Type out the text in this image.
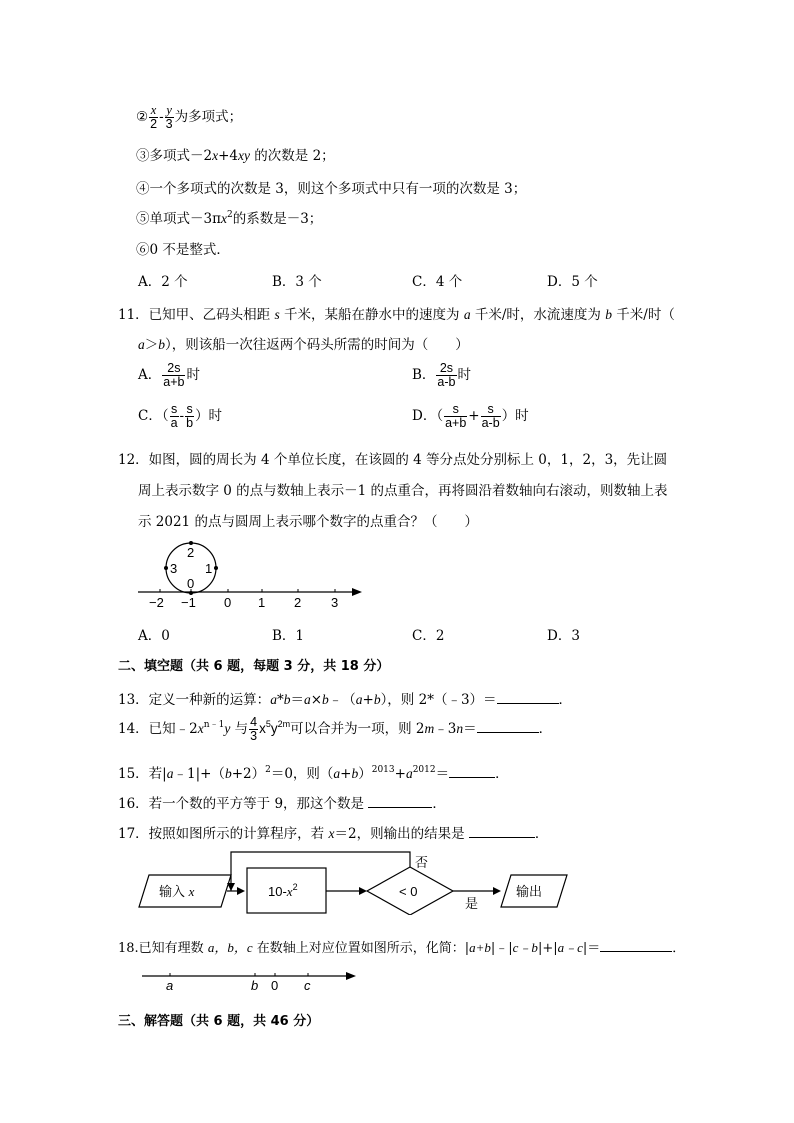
② $\frac{x}{2} - \frac{y}{3}$ 为多项式；
③多项式－2x+4xy 的次数是 2；
④一个多项式的次数是 3，则这个多项式中只有一项的次数是 3；
⑤单项式$-3\pi x^2$的系数是－3；
⑥0 不是整式．
A．2 个	B．3 个	C．4 个	D．5 个
11．已知甲、乙码头相距 s 千米，某船在静水中的速度为 a 千米/时，水流速度为 b 千米/时（
a＞b），则该船一次往返两个码头所需的时间为（　　）
A． $\frac{2s}{a+b}$ 时	B． $\frac{2s}{a-b}$ 时
C．（ $\frac{s}{a} - \frac{s}{b}$ ）时	D．（ $\frac{s}{a+b} + \frac{s}{a-b}$ ）时
12．如图，圆的周长为 4 个单位长度，在该圆的 4 等分点处分别标上 0，1，2，3，先让圆
周上表示数字 0 的点与数轴上表示－1 的点重合，再将圆沿着数轴向右滚动，则数轴上表
示 2021 的点与圆周上表示哪个数字的点重合？（　　）
2
3 1
0
−2 −1 0 1 2 3
A．0	B．1	C．2	D．3
二、填空题（共 6 题，每题 3 分，共 18 分）
13．定义一种新的运算：a*b＝a×b﹣（a+b），则 2*（﹣3）＝	．
14．已知$﹣2x^{n﹣1}y$ 与 $\frac{4}{3} x^5y^{2m}$可以合并为一项，则 2m﹣3n＝	．
15．若$|a﹣1|+(b+2)^2=0$，则$(a+b)^{2013}+a^{2012}=$	．
16．若一个数的平方等于 9，那这个数是	．
17．按照如图所示的计算程序，若 x＝2，则输出的结果是	．
输入 x	$10-x^2$	< 0
否
是
输出
18.已知有理数 a，b，c 在数轴上对应位置如图所示，化简：|a+b|﹣|c﹣b|+|a﹣c|＝	．
a	b 0 c
三、解答题（共 6 题，共 46 分）
